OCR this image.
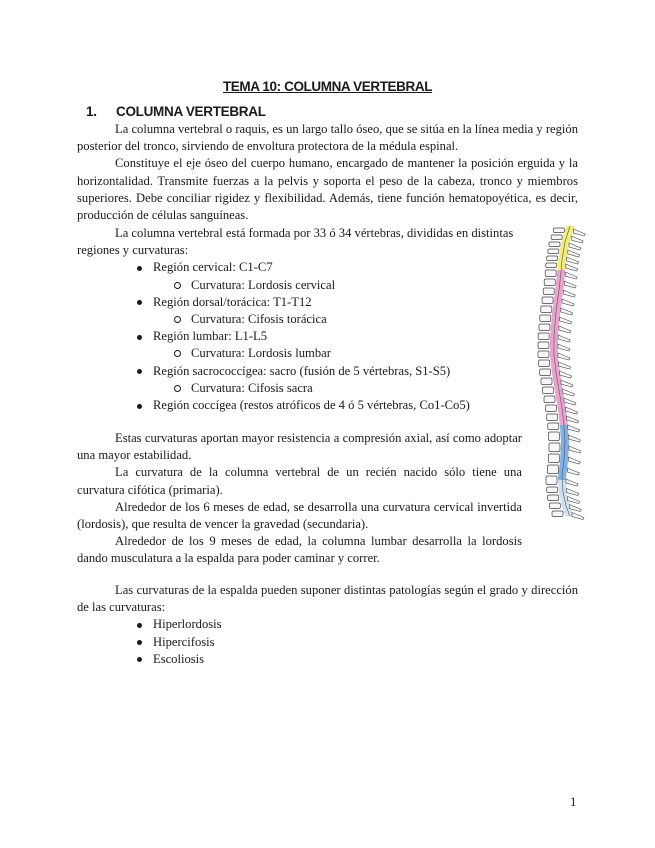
TEMA 10: COLUMNA VERTEBRAL
1. COLUMNA VERTEBRAL

La columna vertebral o raquis, es un largo tallo óseo, que se sitúa en la línea media y región posterior del tronco, sirviendo de envoltura protectora de la médula espinal.

Constituye el eje óseo del cuerpo humano, encargado de mantener la posición erguida y la horizontalidad. Transmite fuerzas a la pelvis y soporta el peso de la cabeza, tronco y miembros superiores. Debe conciliar rigidez y flexibilidad. Además, tiene función hematopoyética, es decir, producción de células sanguíneas.

La columna vertebral está formada por 33 ó 34 vértebras, divididas en distintas regiones y curvaturas:

Región cervical: C1-C7
Curvatura: Lordosis cervical
Región dorsal/torácica: T1-T12
Curvatura: Cifosis torácica
Región lumbar: L1-L5
Curvatura: Lordosis lumbar
Región sacrococcígea: sacro (fusión de 5 vértebras, S1-S5)
Curvatura: Cifosis sacra
Región coccígea (restos atróficos de 4 ó 5 vértebras, Co1-Co5)

Estas curvaturas aportan mayor resistencia a compresión axial, así como adoptar una mayor estabilidad.

La curvatura de la columna vertebral de un recién nacido sólo tiene una curvatura cifótica (primaria).

Alrededor de los 6 meses de edad, se desarrolla una curvatura cervical invertida (lordosis), que resulta de vencer la gravedad (secundaria).

Alrededor de los 9 meses de edad, la columna lumbar desarrolla la lordosis dando musculatura a la espalda para poder caminar y correr.

Las curvaturas de la espalda pueden suponer distintas patologías según el grado y dirección de las curvaturas:

Hiperlordosis
Hipercifosis
Escoliosis
1
